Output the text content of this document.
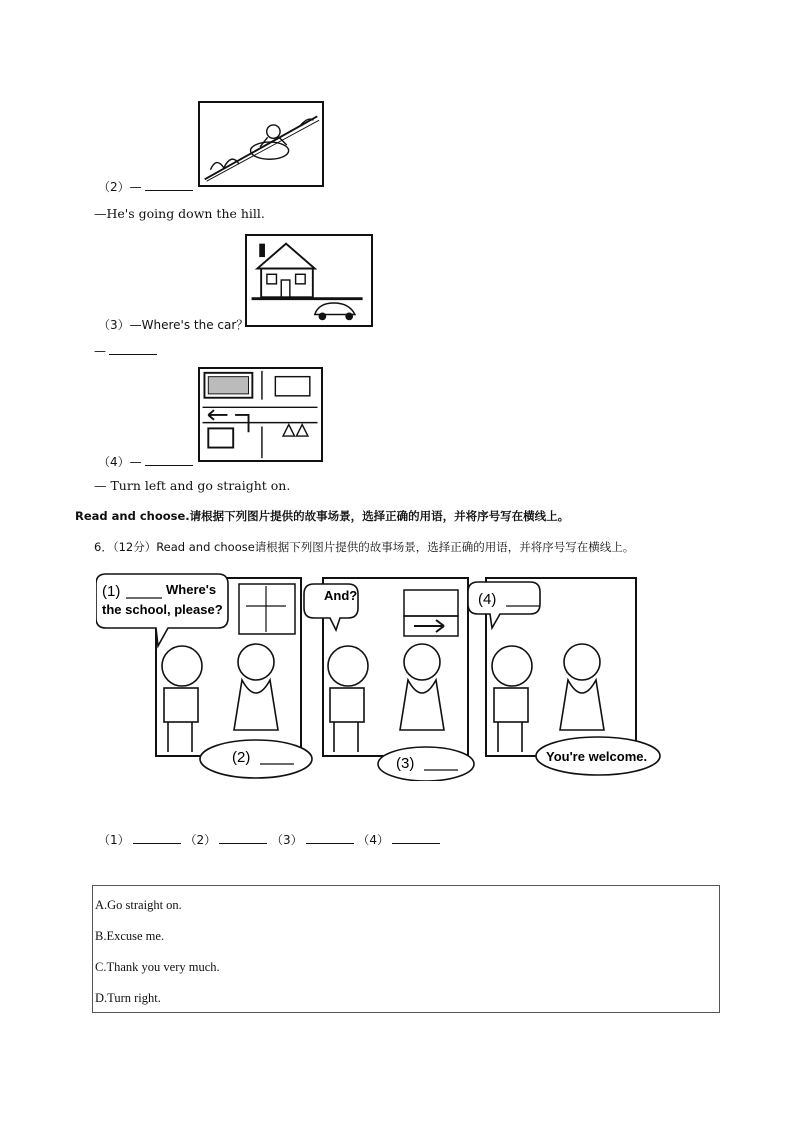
（2）—
—He's going down the hill.
（3）—Where's the car？
—
（4）—
— Turn left and go straight on.
Read and choose.请根据下列图片提供的故事场景，选择正确的用语，并将序号写在横线上。
6．（12分）Read and choose请根据下列图片提供的故事场景，选择正确的用语，并将序号写在横线上。
(1)	Where's
the school, please?
And?	(4)
(2)	(3)	You're welcome.
（1）	（2）	（3）	（4）
A.Go straight on.
B.Excuse me.
C.Thank you very much.
D.Turn right.
